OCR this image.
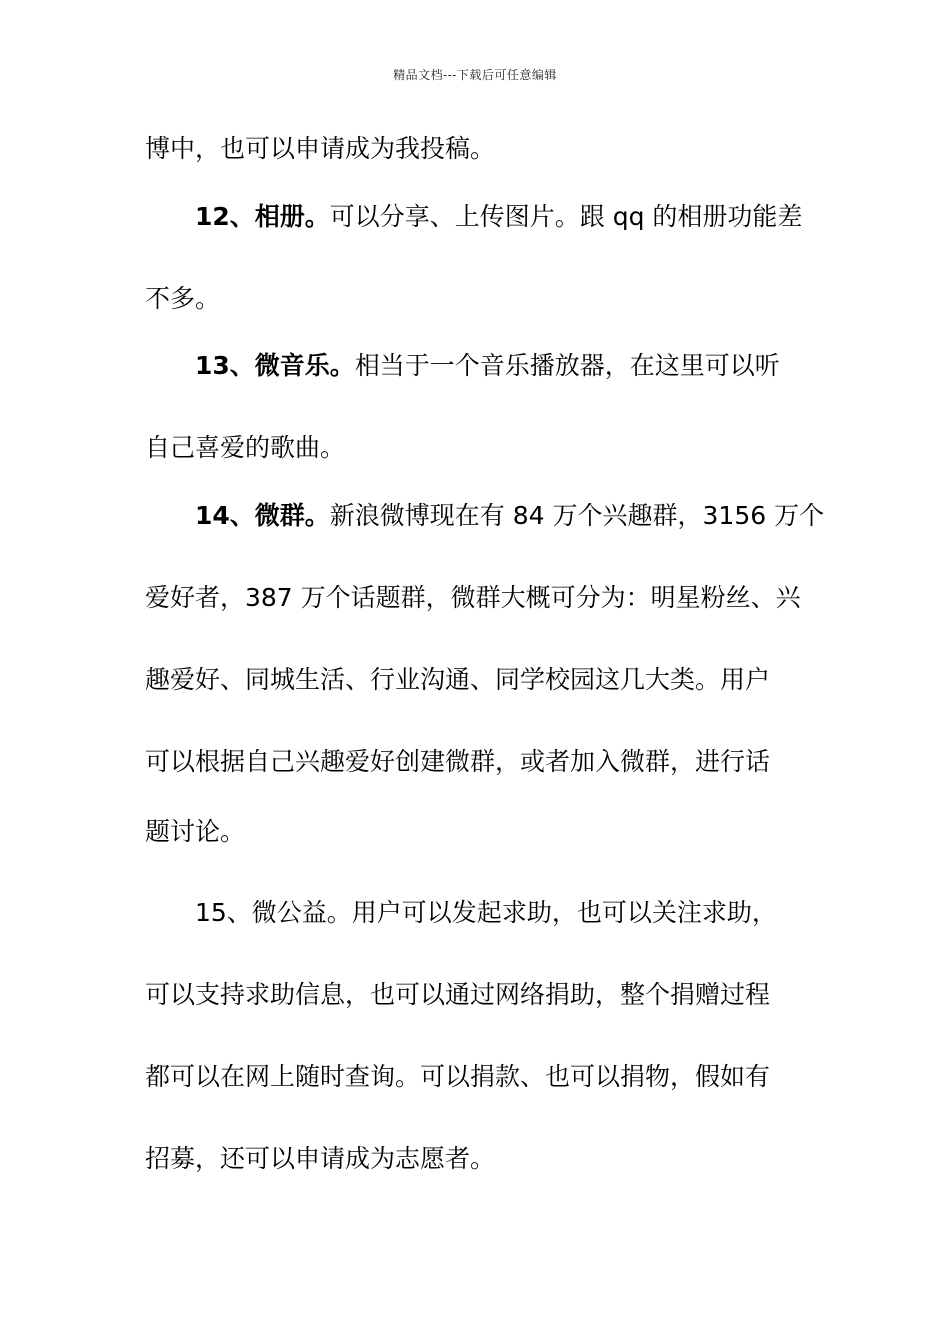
精品文档---下载后可任意编辑
博中，也可以申请成为我投稿。
12、相册。可以分享、上传图片。跟 qq 的相册功能差
不多。
13、微音乐。相当于一个音乐播放器，在这里可以听
自己喜爱的歌曲。
14、微群。新浪微博现在有 84 万个兴趣群，3156 万个
爱好者，387 万个话题群，微群大概可分为：明星粉丝、兴
趣爱好、同城生活、行业沟通、同学校园这几大类。用户
可以根据自己兴趣爱好创建微群，或者加入微群，进行话
题讨论。
15、微公益。用户可以发起求助，也可以关注求助，
可以支持求助信息，也可以通过网络捐助，整个捐赠过程
都可以在网上随时查询。可以捐款、也可以捐物，假如有
招募，还可以申请成为志愿者。
